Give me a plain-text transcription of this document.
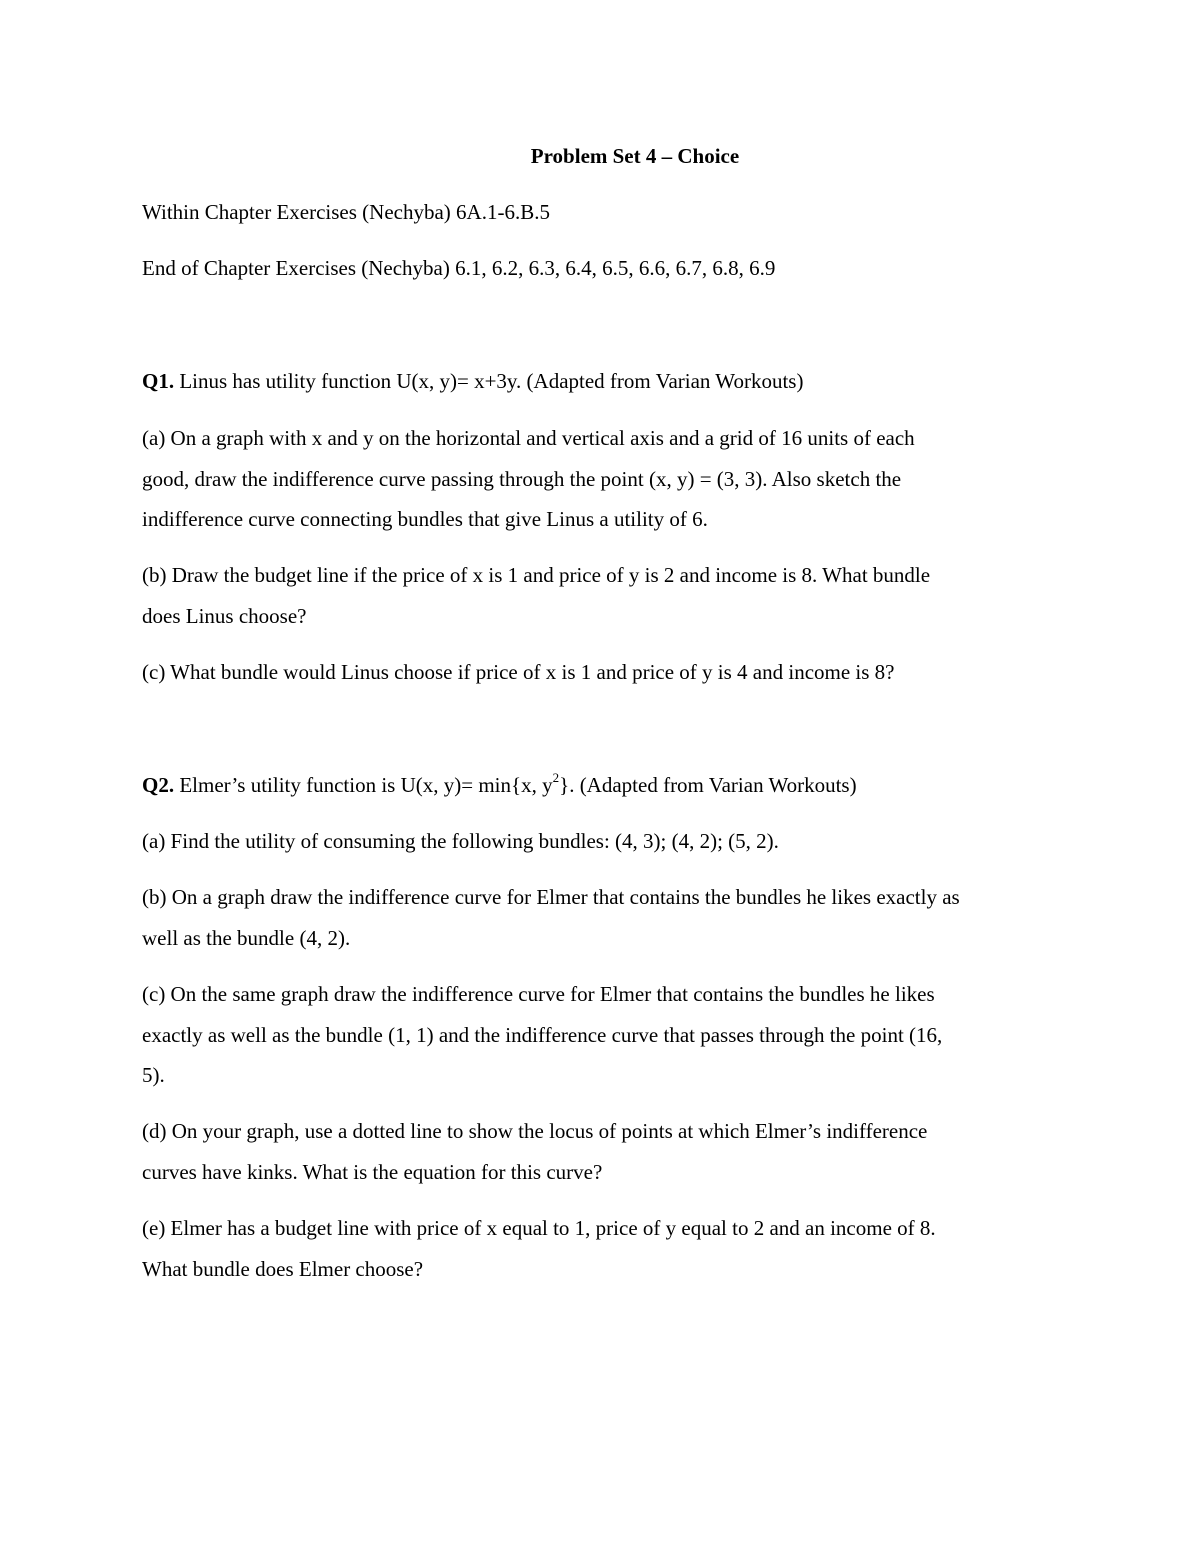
Problem Set 4 – Choice
Within Chapter Exercises (Nechyba) 6A.1-6.B.5
End of Chapter Exercises (Nechyba) 6.1, 6.2, 6.3, 6.4, 6.5, 6.6, 6.7, 6.8, 6.9
Q1. Linus has utility function U(x, y)= x+3y. (Adapted from Varian Workouts)
(a) On a graph with x and y on the horizontal and vertical axis and a grid of 16 units of each
good, draw the indifference curve passing through the point (x, y) = (3, 3). Also sketch the
indifference curve connecting bundles that give Linus a utility of 6.
(b) Draw the budget line if the price of x is 1 and price of y is 2 and income is 8. What bundle
does Linus choose?
(c) What bundle would Linus choose if price of x is 1 and price of y is 4 and income is 8?
Q2. Elmer’s utility function is U(x, y)= min{x, $y^2$}. (Adapted from Varian Workouts)
(a) Find the utility of consuming the following bundles: (4, 3); (4, 2); (5, 2).
(b) On a graph draw the indifference curve for Elmer that contains the bundles he likes exactly as
well as the bundle (4, 2).
(c) On the same graph draw the indifference curve for Elmer that contains the bundles he likes
exactly as well as the bundle (1, 1) and the indifference curve that passes through the point (16,
5).
(d) On your graph, use a dotted line to show the locus of points at which Elmer’s indifference
curves have kinks. What is the equation for this curve?
(e) Elmer has a budget line with price of x equal to 1, price of y equal to 2 and an income of 8.
What bundle does Elmer choose?
